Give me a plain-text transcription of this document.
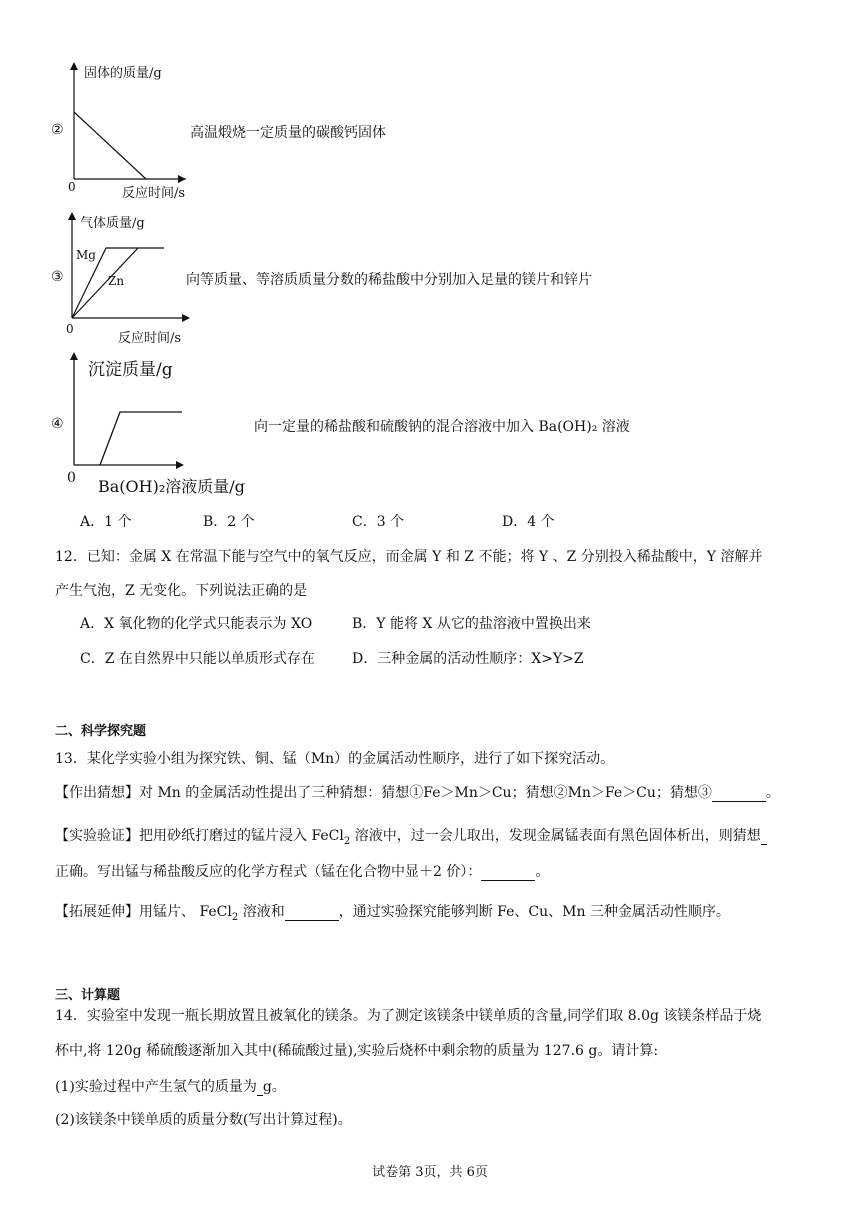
②
固体的质量/g
0	反应时间/s
高温煅烧一定质量的碳酸钙固体
③
气体质量/g
Mg
Zn
0
反应时间/s
向等质量、等溶质质量分数的稀盐酸中分别加入足量的镁片和锌片
④
沉淀质量/g
0 Ba(OH)₂溶液质量/g
向一定量的稀盐酸和硫酸钠的混合溶液中加入 Ba(OH)₂ 溶液
A．1 个	B．2 个	C．3 个	D．4 个
12．已知：金属 X 在常温下能与空气中的氧气反应，而金属 Y 和 Z 不能；将 Y 、Z 分别投入稀盐酸中，Y 溶解并
产生气泡，Z 无变化。下列说法正确的是
A．X 氧化物的化学式只能表示为 XO	B．Y 能将 X 从它的盐溶液中置换出来
C．Z 在自然界中只能以单质形式存在	D．三种金属的活动性顺序：X>Y>Z
二、科学探究题
13．某化学实验小组为探究铁、铜、锰（Mn）的金属活动性顺序，进行了如下探究活动。
【作出猜想】对 Mn 的金属活动性提出了三种猜想：猜想①Fe＞Mn＞Cu；猜想②Mn＞Fe＞Cu；猜想③	。
【实验验证】把用砂纸打磨过的锰片浸入 FeCl$_2$ 溶液中，过一会儿取出，发现金属锰表面有黑色固体析出，则猜想
正确。写出锰与稀盐酸反应的化学方程式（锰在化合物中显＋2 价）：	。
【拓展延伸】用锰片、 FeCl$_2$ 溶液和	，通过实验探究能够判断 Fe、Cu、Mn 三种金属活动性顺序。
三、计算题
14．实验室中发现一瓶长期放置且被氧化的镁条。为了测定该镁条中镁单质的含量,同学们取 8.0g 该镁条样品于烧
杯中,将 120g 稀硫酸逐渐加入其中(稀硫酸过量),实验后烧杯中剩余物的质量为 127.6 g。请计算:
(1)实验过程中产生氢气的质量为 g。
(2)该镁条中镁单质的质量分数(写出计算过程)。
试卷第 3页，共 6页
